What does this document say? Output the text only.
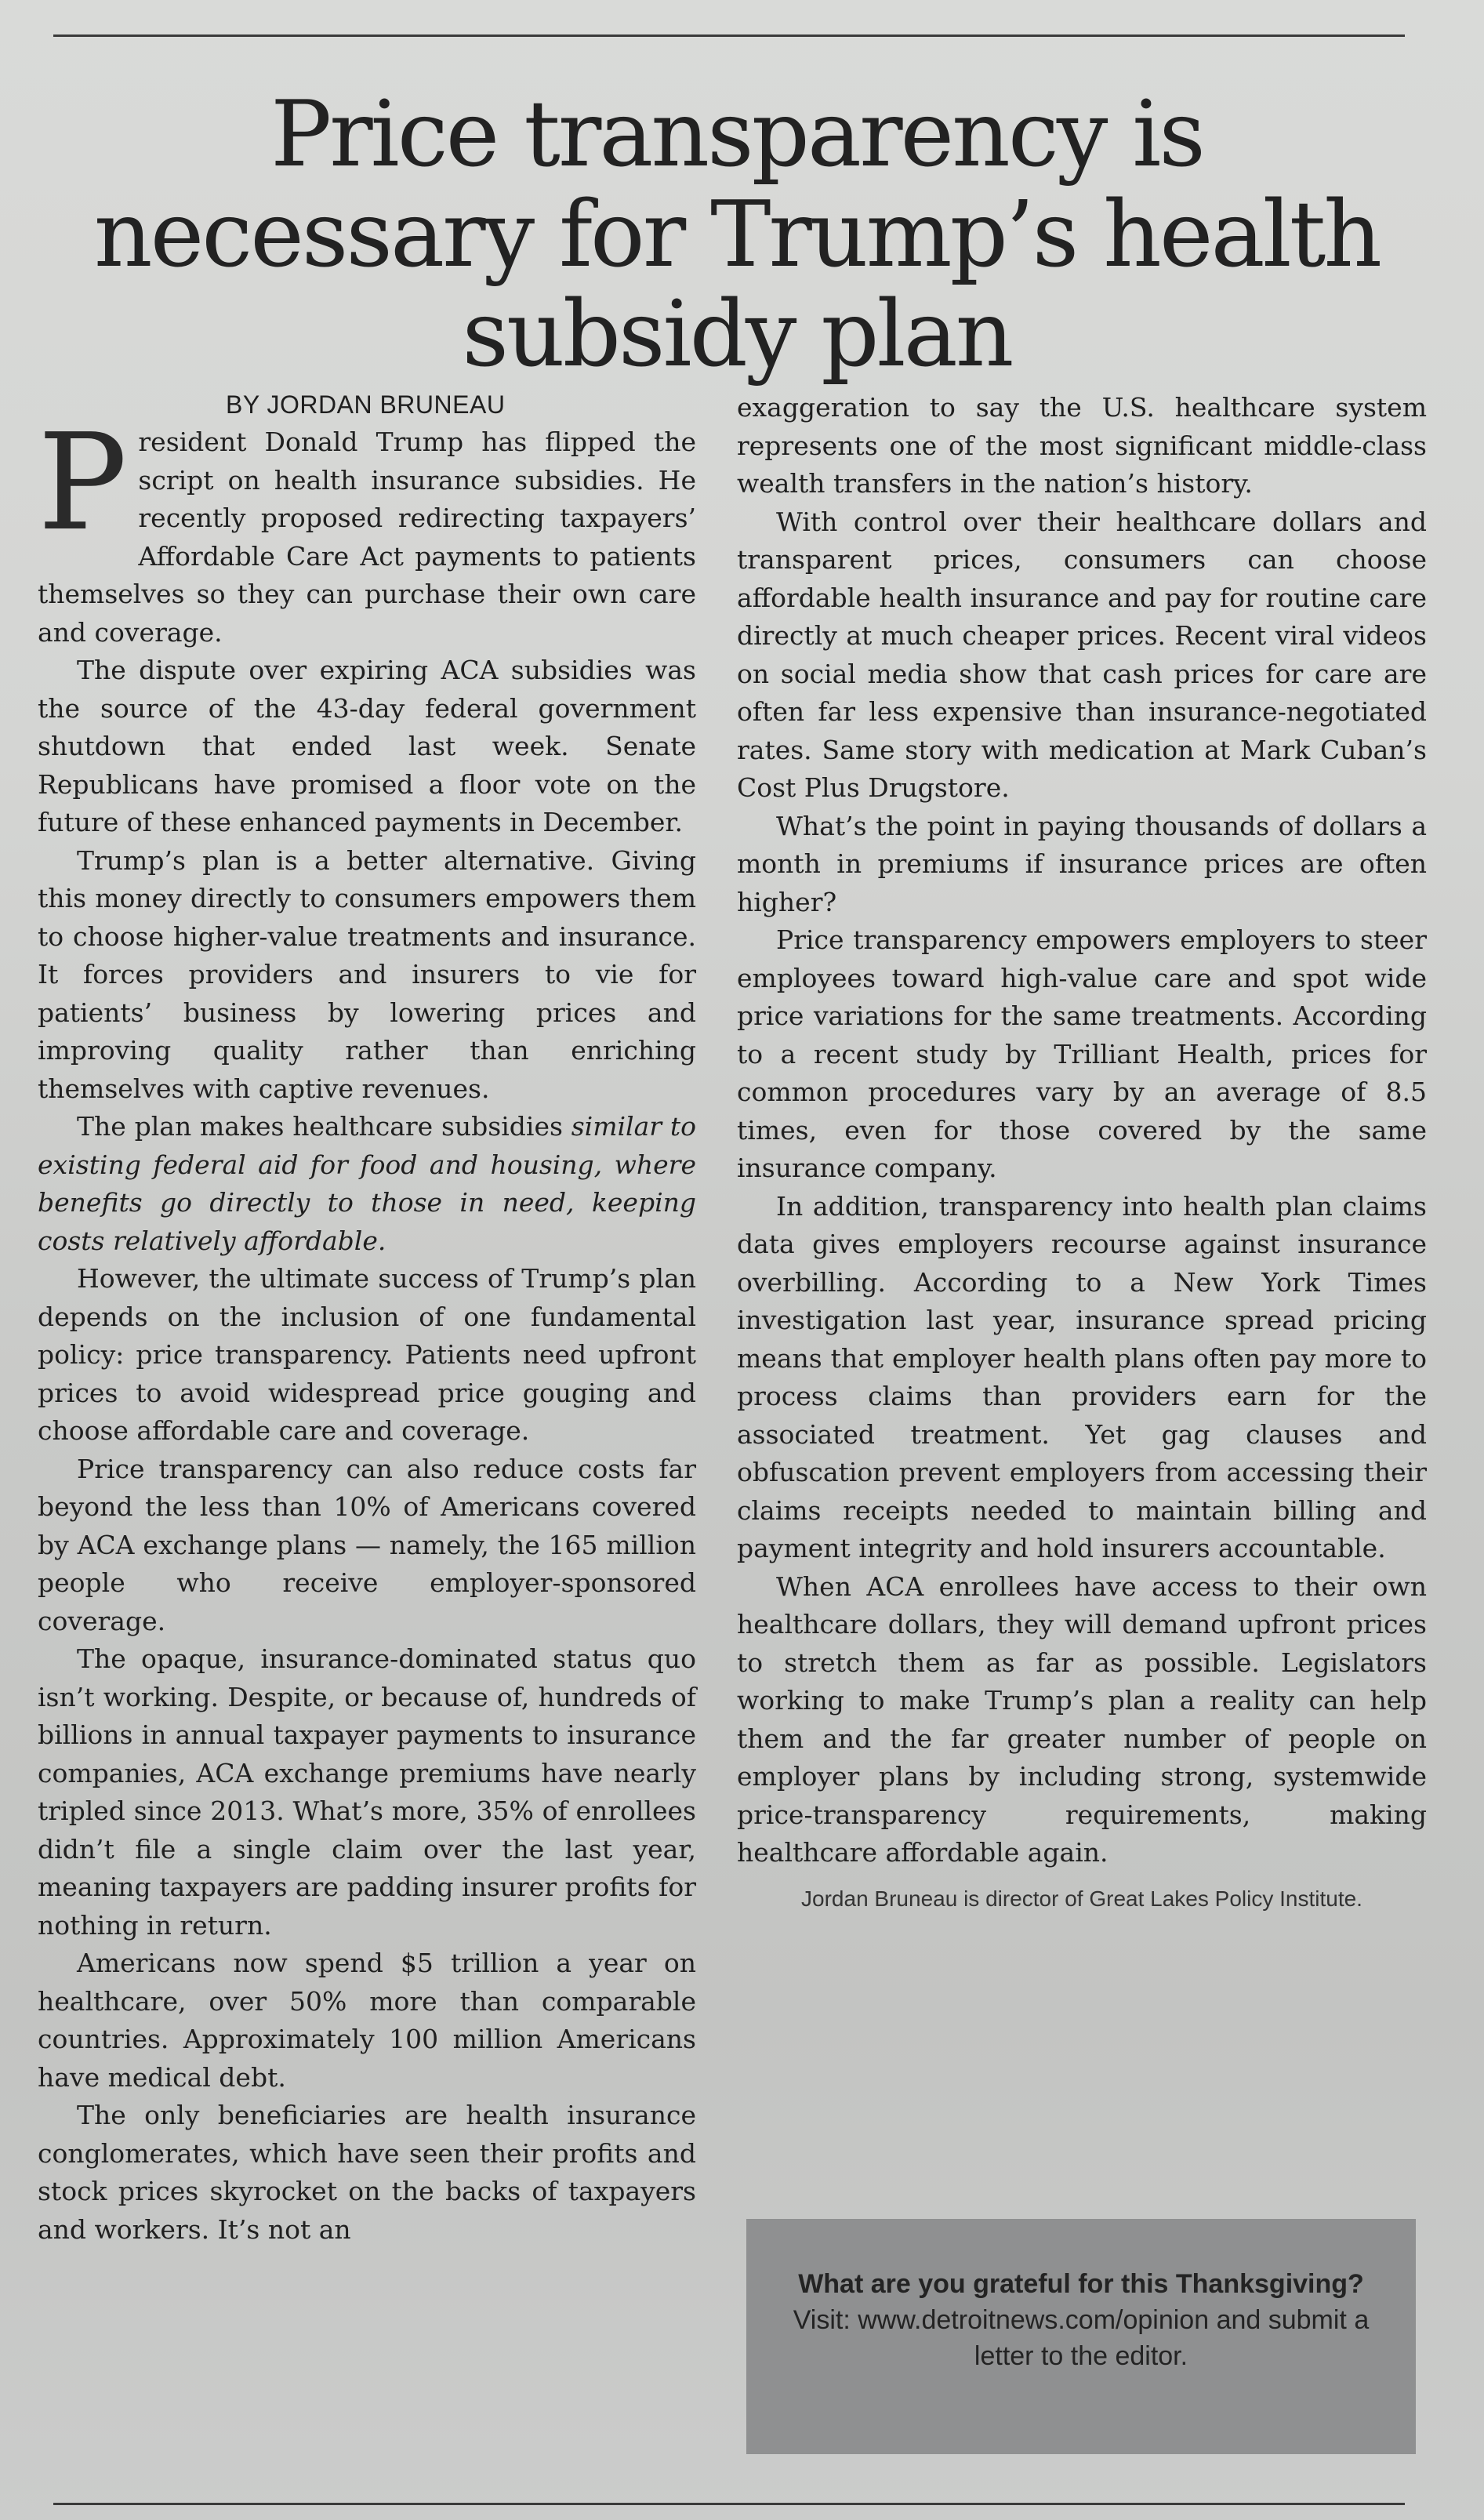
Price transparency is necessary for Trump’s health subsidy plan
BY JORDAN BRUNEAU

President Donald Trump has flipped the script on health insurance subsidies. He recently proposed redirecting taxpayers’ Affordable Care Act payments to patients themselves so they can purchase their own care and coverage.

The dispute over expiring ACA subsidies was the source of the 43-day federal government shutdown that ended last week. Senate Republicans have promised a floor vote on the future of these enhanced payments in December.

Trump’s plan is a better alternative. Giving this money directly to consumers empowers them to choose higher-value treatments and insurance. It forces providers and insurers to vie for patients’ business by lowering prices and improving quality rather than enriching themselves with captive revenues.

The plan makes healthcare subsidies similar to existing federal aid for food and housing, where benefits go directly to those in need, keeping costs relatively affordable.

However, the ultimate success of Trump’s plan depends on the inclusion of one fundamental policy: price transparency. Patients need upfront prices to avoid widespread price gouging and choose affordable care and coverage.

Price transparency can also reduce costs far beyond the less than 10% of Americans covered by ACA exchange plans — namely, the 165 million people who receive employer-sponsored coverage.

The opaque, insurance-dominated status quo isn’t working. Despite, or because of, hundreds of billions in annual taxpayer payments to insurance companies, ACA exchange premiums have nearly tripled since 2013. What’s more, 35% of enrollees didn’t file a single claim over the last year, meaning taxpayers are padding insurer profits for nothing in return.

Americans now spend $5 trillion a year on healthcare, over 50% more than comparable countries. Approximately 100 million Americans have medical debt.

The only beneficiaries are health insurance conglomerates, which have seen their profits and stock prices skyrocket on the backs of taxpayers and workers. It’s not an

exaggeration to say the U.S. healthcare system represents one of the most significant middle-class wealth transfers in the nation’s history.

With control over their healthcare dollars and transparent prices, consumers can choose affordable health insurance and pay for routine care directly at much cheaper prices. Recent viral videos on social media show that cash prices for care are often far less expensive than insurance-negotiated rates. Same story with medication at Mark Cuban’s Cost Plus Drugstore.

What’s the point in paying thousands of dollars a month in premiums if insurance prices are often higher?

Price transparency empowers employers to steer employees toward high-value care and spot wide price variations for the same treatments. According to a recent study by Trilliant Health, prices for common procedures vary by an average of 8.5 times, even for those covered by the same insurance company.

In addition, transparency into health plan claims data gives employers recourse against insurance overbilling. According to a New York Times investigation last year, insurance spread pricing means that employer health plans often pay more to process claims than providers earn for the associated treatment. Yet gag clauses and obfuscation prevent employers from accessing their claims receipts needed to maintain billing and payment integrity and hold insurers accountable.

When ACA enrollees have access to their own healthcare dollars, they will demand upfront prices to stretch them as far as possible. Legislators working to make Trump’s plan a reality can help them and the far greater number of people on employer plans by including strong, systemwide price-transparency requirements, making healthcare affordable again.

Jordan Bruneau is director of Great Lakes Policy Institute.
What are you grateful for this Thanksgiving? Visit: www.detroitnews.com/opinion and submit a letter to the editor.
